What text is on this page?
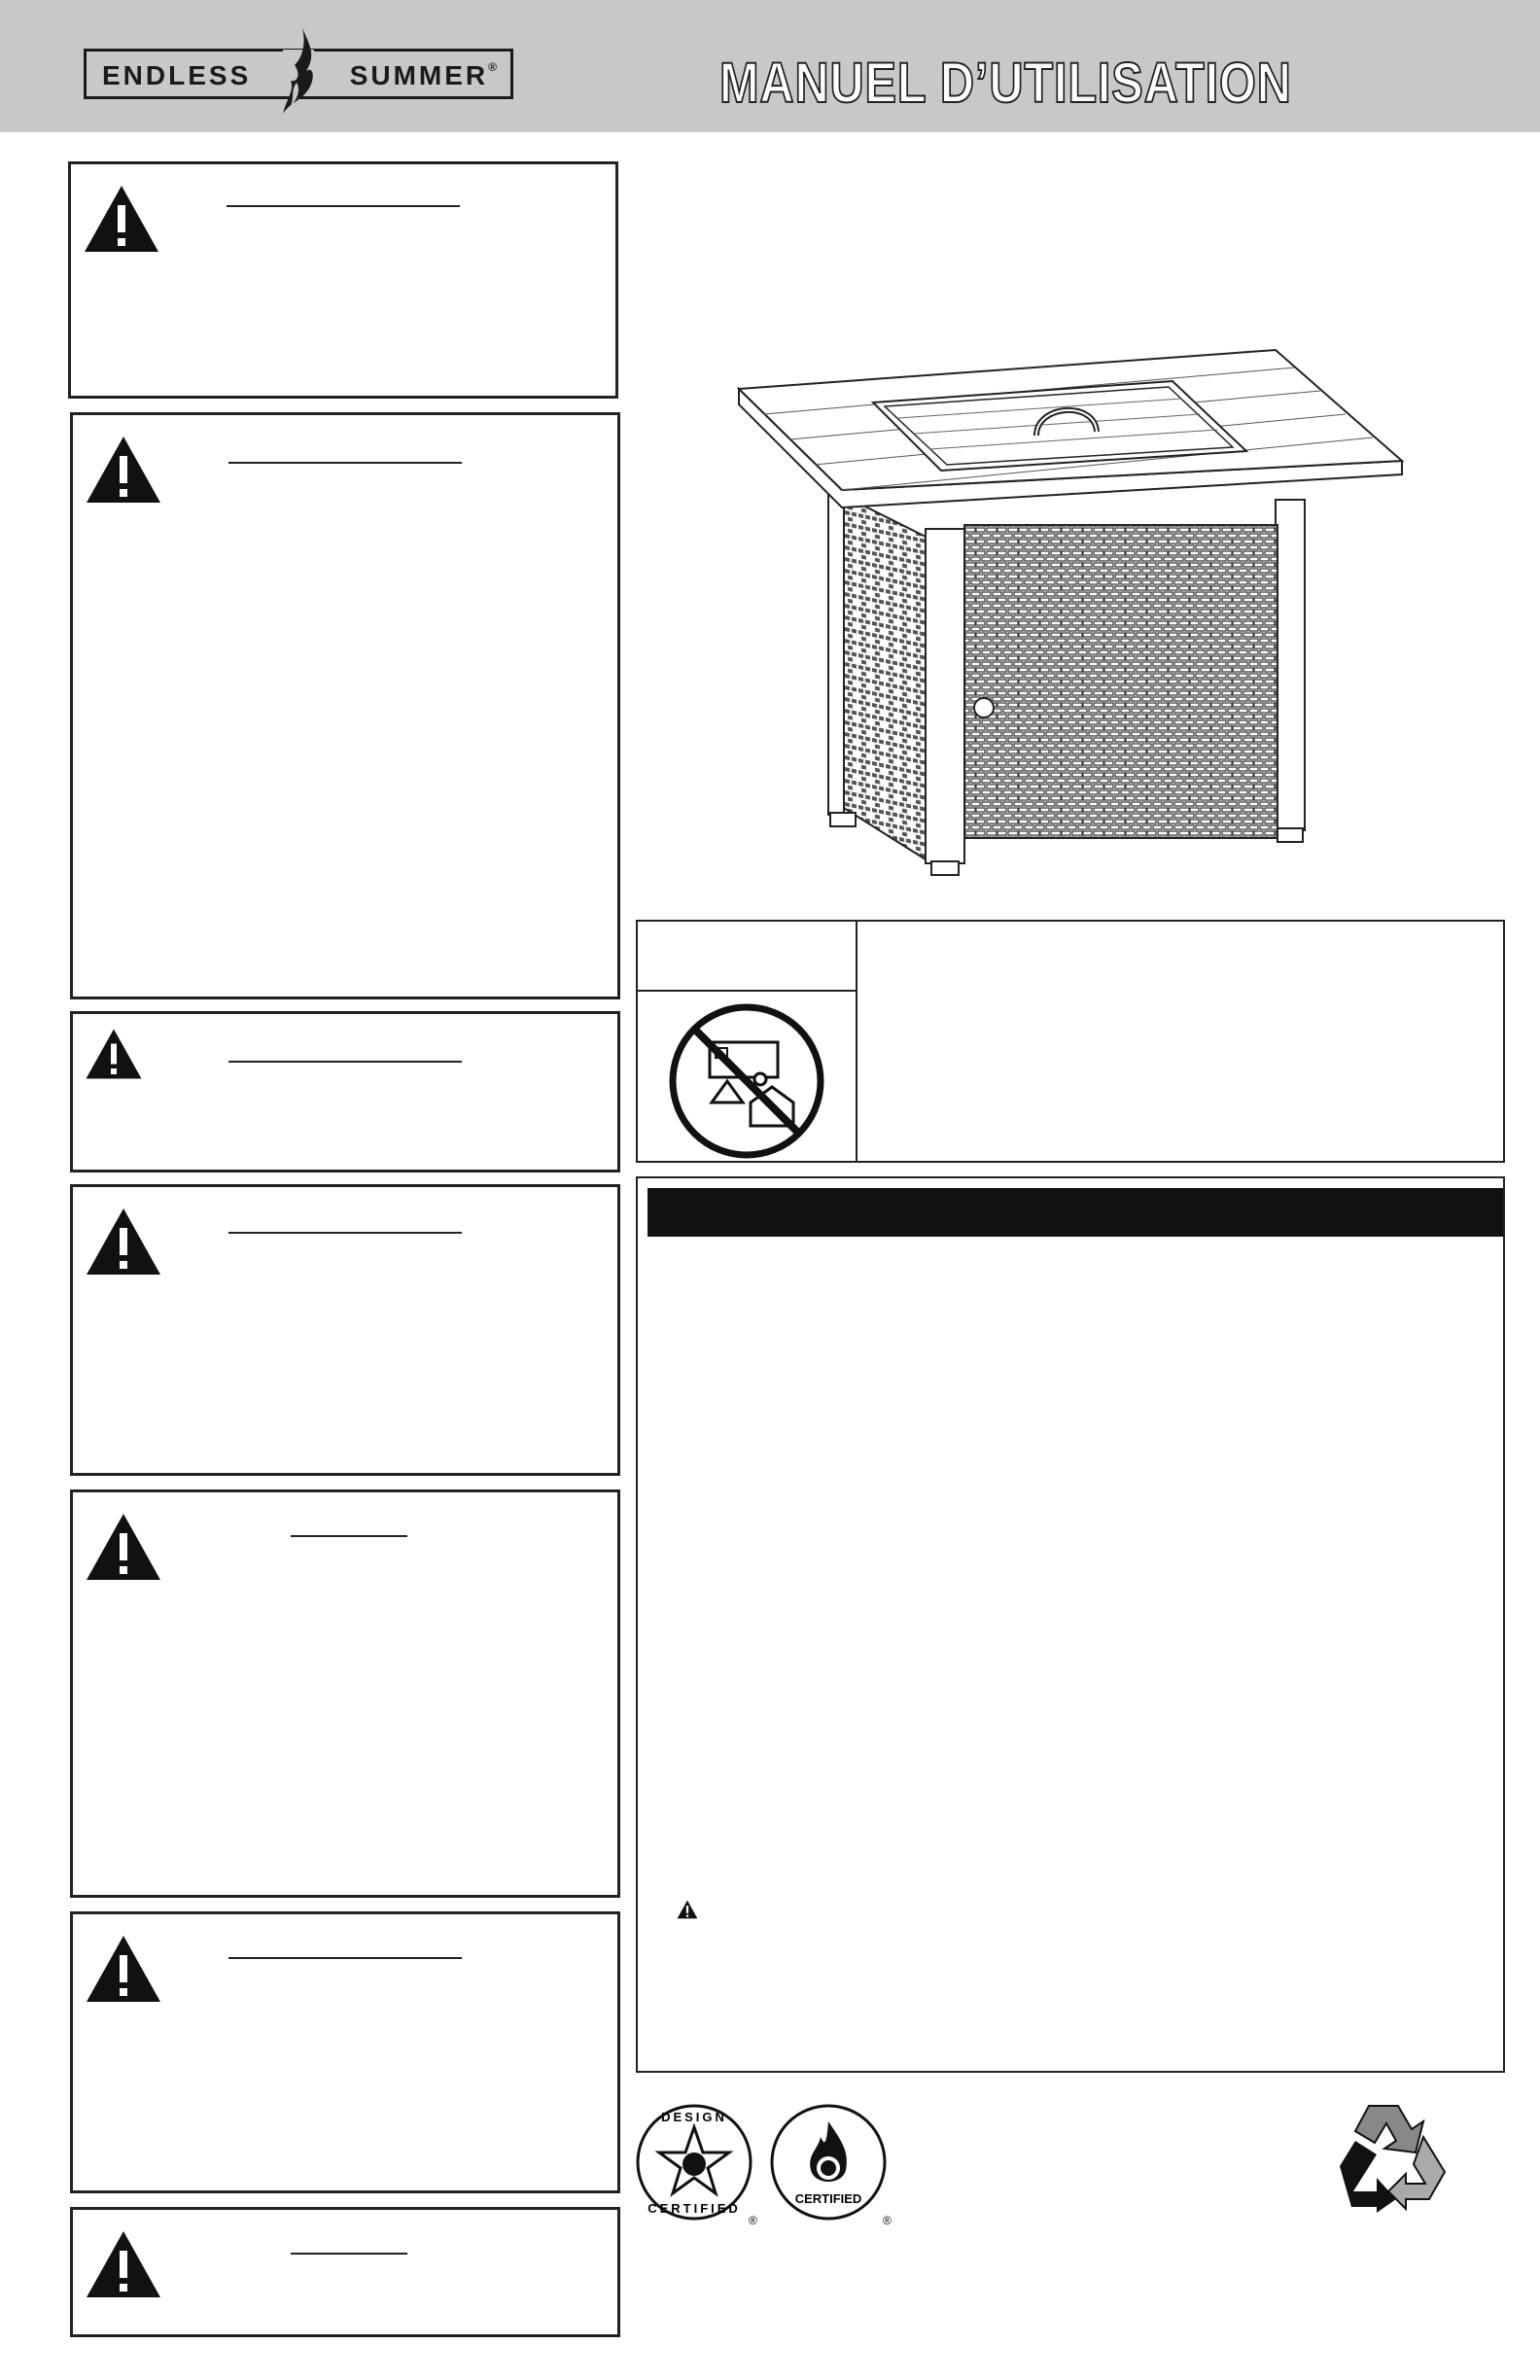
ENDLESS	SUMMER®	MANUEL D’UTILISATION
DESIGN
CERTIFIED
®
CERTIFIED
®
